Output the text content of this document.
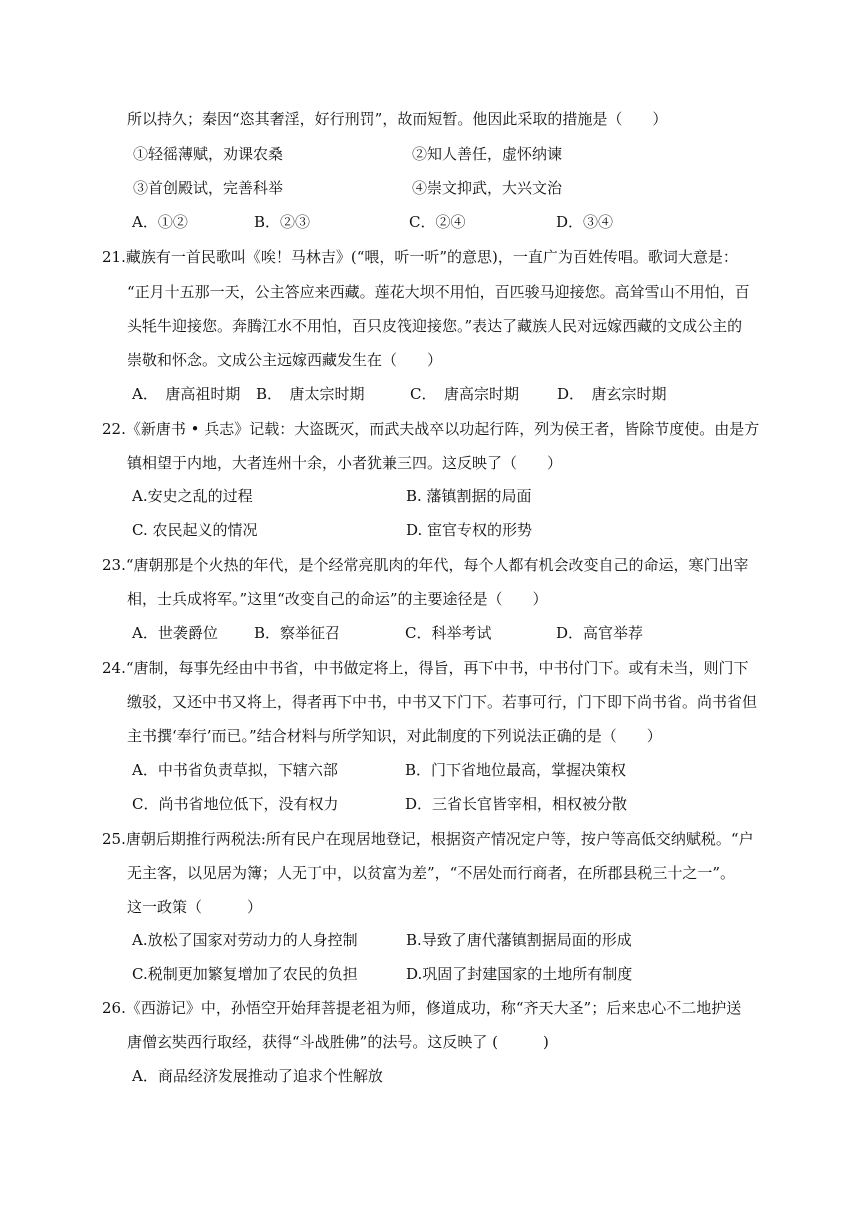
所以持久；秦因“恣其奢淫，好行刑罚”，故而短暂。他因此采取的措施是（　　）
①轻徭薄赋，劝课农桑	②知人善任，虚怀纳谏
③首创殿试，完善科举	④崇文抑武，大兴文治
A．①②	B．②③	C．②④	D．③④
21.藏族有一首民歌叫《唉！马林吉》(“喂，听一听”的意思)，一直广为百姓传唱。歌词大意是：
“正月十五那一天，公主答应来西藏。莲花大坝不用怕，百匹骏马迎接您。高耸雪山不用怕，百
头牦牛迎接您。奔腾江水不用怕，百只皮筏迎接您。”表达了藏族人民对远嫁西藏的文成公主的
崇敬和怀念。文成公主远嫁西藏发生在（　　）
A．　唐高祖时期 B．　唐太宗时期	C．　唐高宗时期	D．　唐玄宗时期
22.《新唐书 • 兵志》记载：大盗既灭，而武夫战卒以功起行阵，列为侯王者，皆除节度使。由是方
镇相望于内地，大者连州十余，小者犹兼三四。这反映了（　　）
A.安史之乱的过程	B. 藩镇割据的局面
C. 农民起义的情况	D. 宦官专权的形势
23.“唐朝那是个火热的年代，是个经常亮肌肉的年代，每个人都有机会改变自己的命运，寒门出宰
相，士兵成将军。”这里“改变自己的命运”的主要途径是（　　）
A．世袭爵位 B．察举征召	C．科举考试	D．高官举荐
24.“唐制，每事先经由中书省，中书做定将上，得旨，再下中书，中书付门下。或有未当，则门下
缴驳，又还中书又将上，得者再下中书，中书又下门下。若事可行，门下即下尚书省。尚书省但
主书撰‘奉行’而已。”结合材料与所学知识，对此制度的下列说法正确的是（　　）
A．中书省负责草拟，下辖六部	B．门下省地位最高，掌握决策权
C．尚书省地位低下，没有权力	D．三省长官皆宰相，相权被分散
25.唐朝后期推行两税法:所有民户在现居地登记，根据资产情况定户等，按户等高低交纳赋税。“户
无主客，以见居为簿；人无丁中，以贫富为差”，“不居处而行商者，在所郡县税三十之一”。
这一政策（　　　）
A.放松了国家对劳动力的人身控制	B.导致了唐代藩镇割据局面的形成
C.税制更加繁复增加了农民的负担	D.巩固了封建国家的土地所有制度
26.《西游记》中，孙悟空开始拜菩提老祖为师，修道成功，称“齐天大圣”；后来忠心不二地护送
唐僧玄奘西行取经，获得“斗战胜佛”的法号。这反映了 (　　　)
A．商品经济发展推动了追求个性解放
